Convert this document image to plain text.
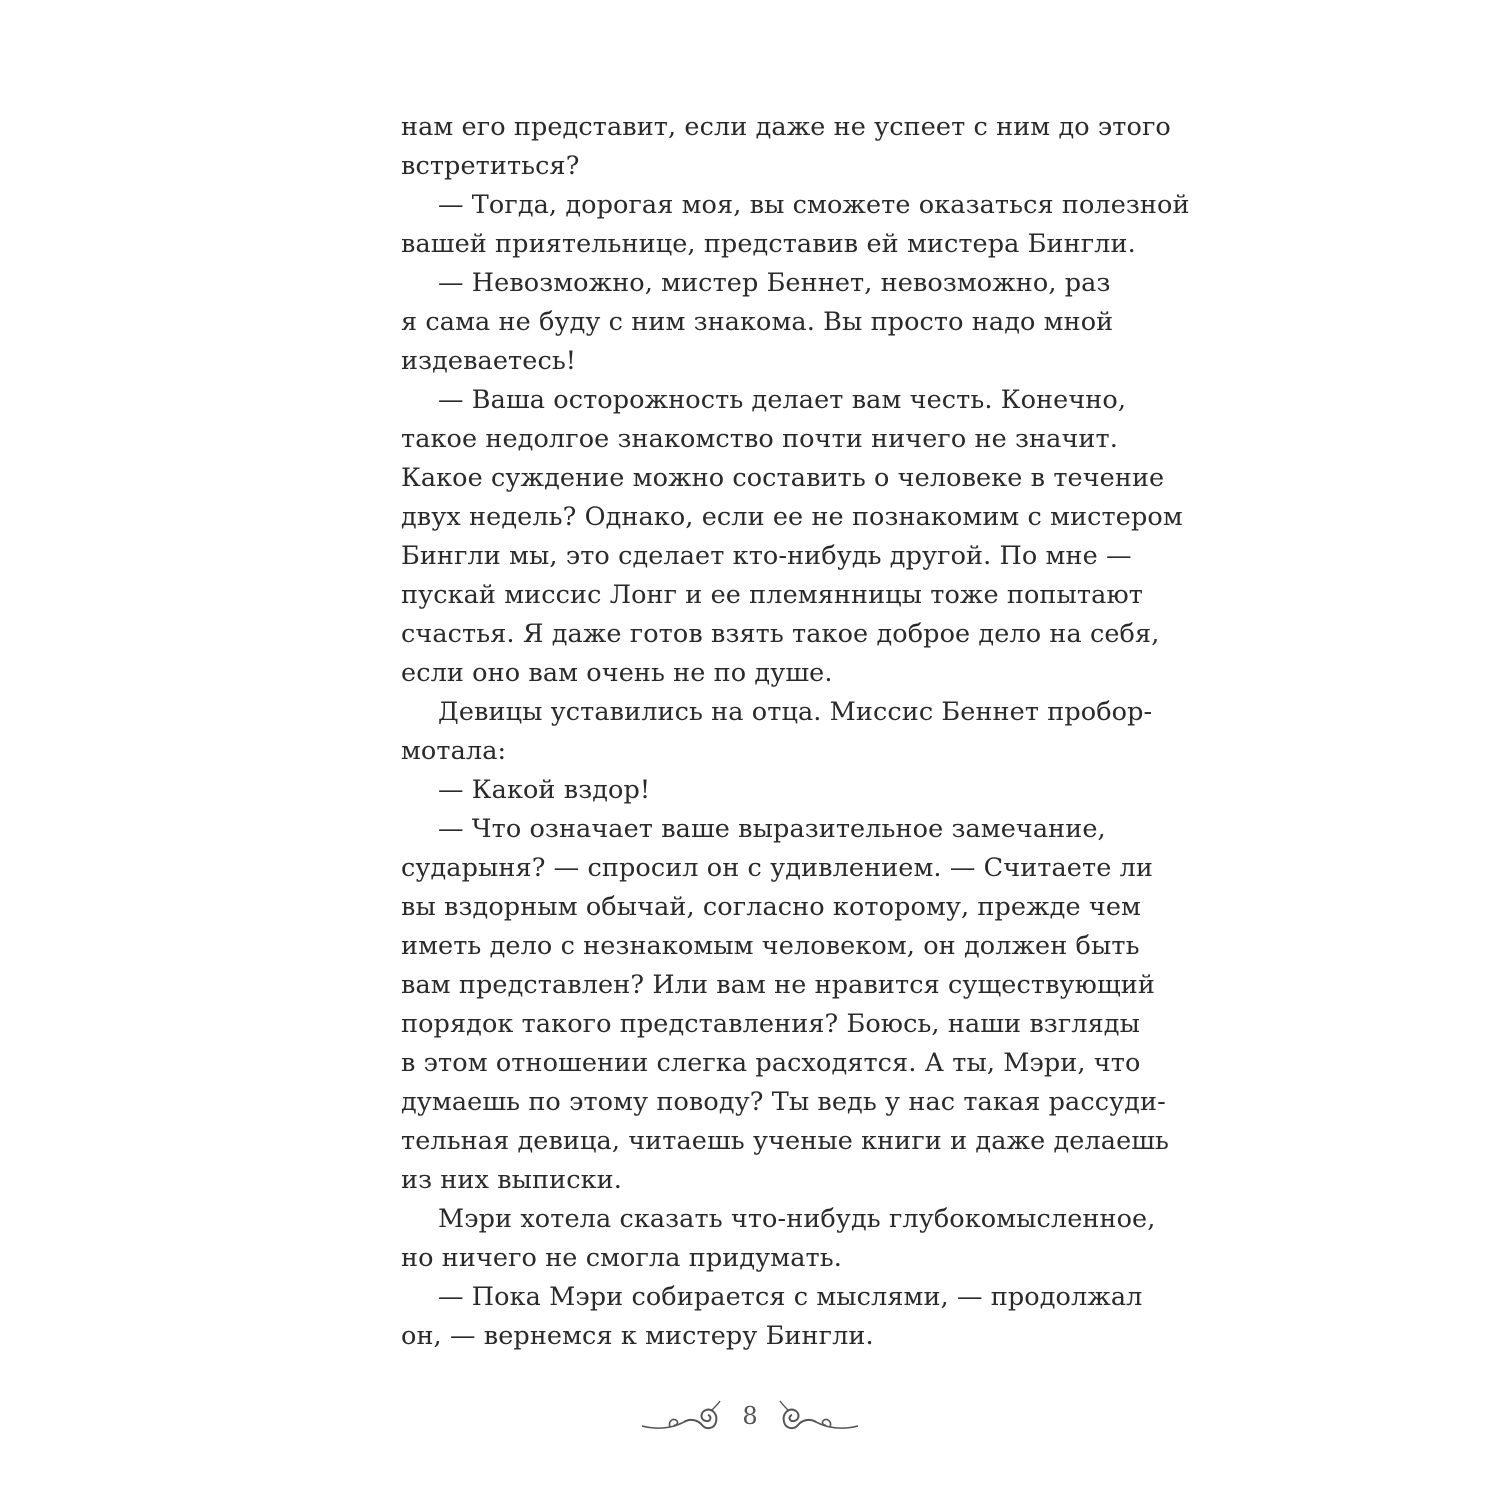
нам его представит, если даже не успеет с ним до этого
встретиться?
— Тогда, дорогая моя, вы сможете оказаться полезной
вашей приятельнице, представив ей мистера Бингли.
— Невозможно, мистер Беннет, невозможно, раз
я сама не буду с ним знакома. Вы просто надо мной
издеваетесь!
— Ваша осторожность делает вам честь. Конечно,
такое недолгое знакомство почти ничего не значит.
Какое суждение можно составить о человеке в течение
двух недель? Однако, если ее не познакомим с мистером
Бингли мы, это сделает кто-нибудь другой. По мне —
пускай миссис Лонг и ее племянницы тоже попытают
счастья. Я даже готов взять такое доброе дело на себя,
если оно вам очень не по душе.
Девицы уставились на отца. Миссис Беннет пробор-
мотала:
— Какой вздор!
— Что означает ваше выразительное замечание,
сударыня? — спросил он с удивлением. — Считаете ли
вы вздорным обычай, согласно которому, прежде чем
иметь дело с незнакомым человеком, он должен быть
вам представлен? Или вам не нравится существующий
порядок такого представления? Боюсь, наши взгляды
в этом отношении слегка расходятся. А ты, Мэри, что
думаешь по этому поводу? Ты ведь у нас такая рассуди-
тельная девица, читаешь ученые книги и даже делаешь
из них выписки.
Мэри хотела сказать что-нибудь глубокомысленное,
но ничего не смогла придумать.
— Пока Мэри собирается с мыслями, — продолжал
он, — вернемся к мистеру Бингли.
8
